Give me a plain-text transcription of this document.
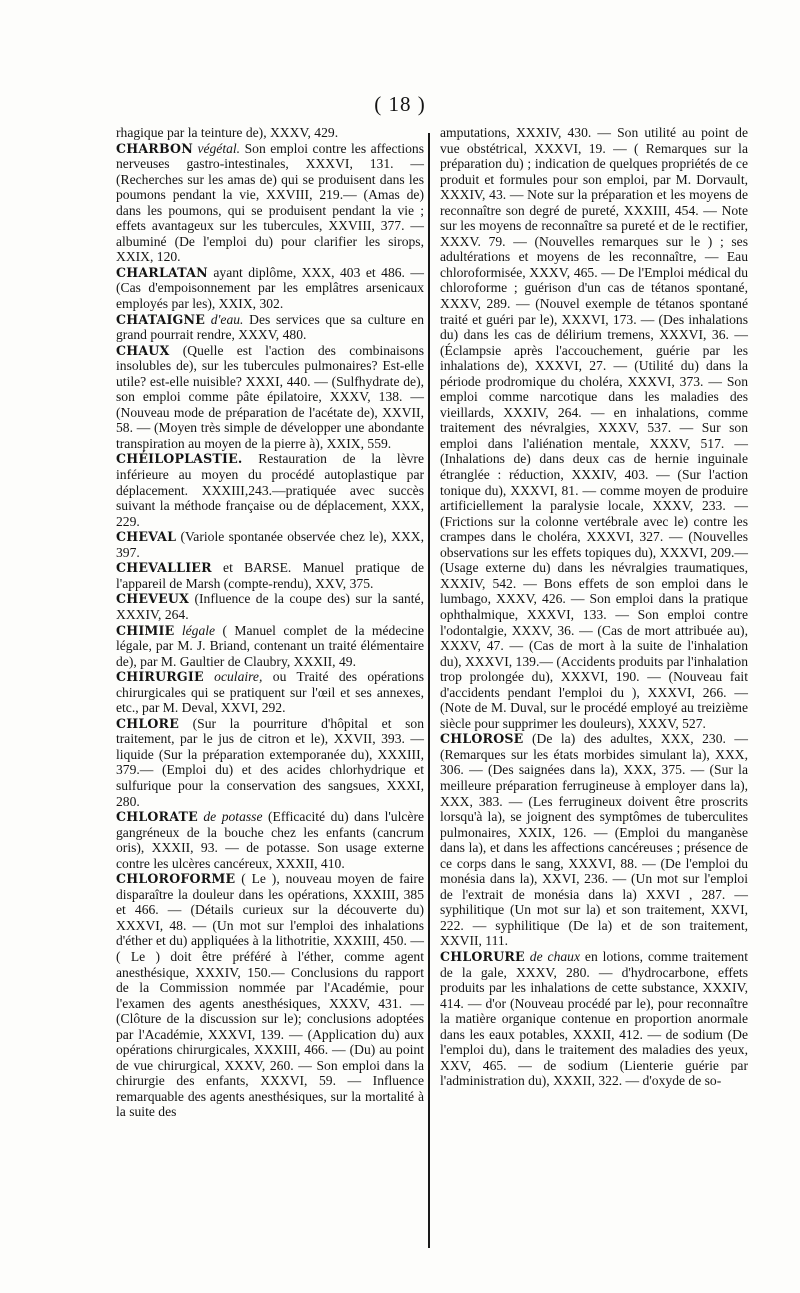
( 18 )

rhagique par la teinture de), XXXV, 429.

CHARBON végétal. Son emploi contre les affections nerveuses gastro-intestinales, XXXVI, 131. — (Recherches sur les amas de) qui se produisent dans les poumons pendant la vie, XXVIII, 219.— (Amas de) dans les poumons, qui se produisent pendant la vie ; effets avantageux sur les tubercules, XXVIII, 377. — albuminé (De l'emploi du) pour clarifier les sirops, XXIX, 120.

CHARLATAN ayant diplôme, XXX, 403 et 486. — (Cas d'empoisonnement par les emplâtres arsenicaux employés par les), XXIX, 302.

CHATAIGNE d'eau. Des services que sa culture en grand pourrait rendre, XXXV, 480.

CHAUX (Quelle est l'action des combinaisons insolubles de), sur les tubercules pulmonaires? Est-elle utile? est-elle nuisible? XXXI, 440. — (Sulfhydrate de), son emploi comme pâte épilatoire, XXXV, 138. — (Nouveau mode de préparation de l'acétate de), XXVII, 58. — (Moyen très simple de développer une abondante transpiration au moyen de la pierre à), XXIX, 559.

CHÉILOPLASTIE. Restauration de la lèvre inférieure au moyen du procédé autoplastique par déplacement. XXXIII,243.—pratiquée avec succès suivant la méthode française ou de déplacement, XXX, 229.

CHEVAL (Variole spontanée observée chez le), XXX, 397.

CHEVALLIER et BARSE. Manuel pratique de l'appareil de Marsh (compte-rendu), XXV, 375.

CHEVEUX (Influence de la coupe des) sur la santé, XXXIV, 264.

CHIMIE légale ( Manuel complet de la médecine légale, par M. J. Briand, contenant un traité élémentaire de), par M. Gaultier de Claubry, XXXII, 49.

CHIRURGIE oculaire, ou Traité des opérations chirurgicales qui se pratiquent sur l'œil et ses annexes, etc., par M. Deval, XXVI, 292.

CHLORE (Sur la pourriture d'hôpital et son traitement, par le jus de citron et le), XXVII, 393. — liquide (Sur la préparation extemporanée du), XXXIII, 379.— (Emploi du) et des acides chlorhydrique et sulfurique pour la conservation des sangsues, XXXI, 280.

CHLORATE de potasse (Efficacité du) dans l'ulcère gangréneux de la bouche chez les enfants (cancrum oris), XXXII, 93. — de potasse. Son usage externe contre les ulcères cancéreux, XXXII, 410.

CHLOROFORME ( Le ), nouveau moyen de faire disparaître la douleur dans les opérations, XXXIII, 385 et 466. — (Détails curieux sur la découverte du) XXXVI, 48. — (Un mot sur l'emploi des inhalations d'éther et du) appliquées à la lithotritie, XXXIII, 450. — ( Le ) doit être préféré à l'éther, comme agent anesthésique, XXXIV, 150.— Conclusions du rapport de la Commission nommée par l'Académie, pour l'examen des agents anesthésiques, XXXV, 431. — (Clôture de la discussion sur le); conclusions adoptées par l'Académie, XXXVI, 139. — (Application du) aux opérations chirurgicales, XXXIII, 466. — (Du) au point de vue chirurgical, XXXV, 260. — Son emploi dans la chirurgie des enfants, XXXVI, 59. — Influence remarquable des agents anesthésiques, sur la mortalité à la suite des

amputations, XXXIV, 430. — Son utilité au point de vue obstétrical, XXXVI, 19. — ( Remarques sur la préparation du) ; indication de quelques propriétés de ce produit et formules pour son emploi, par M. Dorvault, XXXIV, 43. — Note sur la préparation et les moyens de reconnaître son degré de pureté, XXXIII, 454. — Note sur les moyens de reconnaître sa pureté et de le rectifier, XXXV. 79. — (Nouvelles remarques sur le ) ; ses adultérations et moyens de les reconnaître, — Eau chloroformisée, XXXV, 465. — De l'Emploi médical du chloroforme ; guérison d'un cas de tétanos spontané, XXXV, 289. — (Nouvel exemple de tétanos spontané traité et guéri par le), XXXVI, 173. — (Des inhalations du) dans les cas de délirium tremens, XXXVI, 36. — (Éclampsie après l'accouchement, guérie par les inhalations de), XXXVI, 27. — (Utilité du) dans la période prodromique du choléra, XXXVI, 373. — Son emploi comme narcotique dans les maladies des vieillards, XXXIV, 264. — en inhalations, comme traitement des névralgies, XXXV, 537. — Sur son emploi dans l'aliénation mentale, XXXV, 517. — (Inhalations de) dans deux cas de hernie inguinale étranglée : réduction, XXXIV, 403. — (Sur l'action tonique du), XXXVI, 81. — comme moyen de produire artificiellement la paralysie locale, XXXV, 233. — (Frictions sur la colonne vertébrale avec le) contre les crampes dans le choléra, XXXVI, 327. — (Nouvelles observations sur les effets topiques du), XXXVI, 209.— (Usage externe du) dans les névralgies traumatiques, XXXIV, 542. — Bons effets de son emploi dans le lumbago, XXXV, 426. — Son emploi dans la pratique ophthalmique, XXXVI, 133. — Son emploi contre l'odontalgie, XXXV, 36. — (Cas de mort attribuée au), XXXV, 47. — (Cas de mort à la suite de l'inhalation du), XXXVI, 139.— (Accidents produits par l'inhalation trop prolongée du), XXXVI, 190. — (Nouveau fait d'accidents pendant l'emploi du ), XXXVI, 266. — (Note de M. Duval, sur le procédé employé au treizième siècle pour supprimer les douleurs), XXXV, 527.

CHLOROSE (De la) des adultes, XXX, 230. — (Remarques sur les états morbides simulant la), XXX, 306. — (Des saignées dans la), XXX, 375. — (Sur la meilleure préparation ferrugineuse à employer dans la), XXX, 383. — (Les ferrugineux doivent être proscrits lorsqu'à la), se joignent des symptômes de tuberculites pulmonaires, XXIX, 126. — (Emploi du manganèse dans la), et dans les affections cancéreuses ; présence de ce corps dans le sang, XXXVI, 88. — (De l'emploi du monésia dans la), XXVI, 236. — (Un mot sur l'emploi de l'extrait de monésia dans la) XXVI , 287. — syphilitique (Un mot sur la) et son traitement, XXVI, 222. — syphilitique (De la) et de son traitement, XXVII, 111.

CHLORURE de chaux en lotions, comme traitement de la gale, XXXV, 280. — d'hydrocarbone, effets produits par les inhalations de cette substance, XXXIV, 414. — d'or (Nouveau procédé par le), pour reconnaître la matière organique contenue en proportion anormale dans les eaux potables, XXXII, 412. — de sodium (De l'emploi du), dans le traitement des maladies des yeux, XXV, 465. — de sodium (Lienterie guérie par l'administration du), XXXII, 322. — d'oxyde de so-
